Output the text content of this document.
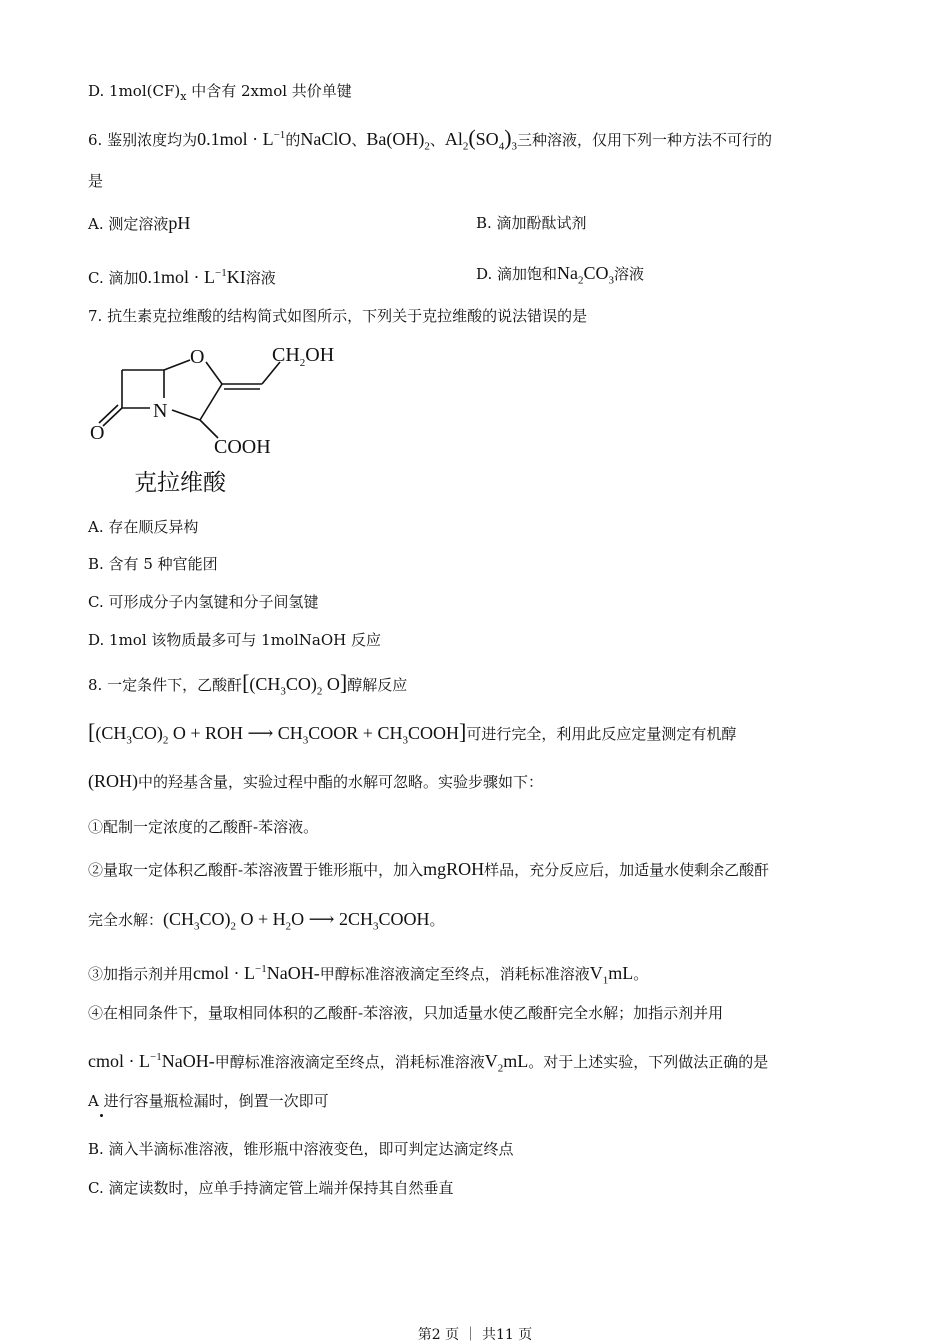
D. $1mol(CF)_x$ 中含有 2xmol 共价单键
6. 鉴别浓度均为$0.1mol \cdot L^{-1}$的NaClO、$Ba(OH)_2$、$Al_2(SO_4)_3$三种溶液，仅用下列一种方法不可行的
是
A. 测定溶液pH	B. 滴加酚酞试剂
C. 滴加$0.1mol \cdot L^{-1}KI$溶液	D. 滴加饱和$Na_2CO_3$溶液
7. 抗生素克拉维酸的结构简式如图所示，下列关于克拉维酸的说法错误的是
O
N
O
$CH_2OH$
COOH
克拉维酸
A. 存在顺反异构
B. 含有 5 种官能团
C. 可形成分子内氢键和分子间氢键
D. 1mol 该物质最多可与 1molNaOH 反应
8. 一定条件下，乙酸酐[$(CH_3CO)_2$ O]醇解反应
[$(CH_3CO)_2$ O + ROH ⟶ $CH_3COOR$ + $CH_3COOH$]可进行完全，利用此反应定量测定有机醇
(ROH)中的羟基含量，实验过程中酯的水解可忽略。实验步骤如下：
①配制一定浓度的乙酸酐-苯溶液。
②量取一定体积乙酸酐-苯溶液置于锥形瓶中，加入mgROH样品，充分反应后，加适量水使剩余乙酸酐
完全水解：$(CH_3CO)_2$ $O + H_2O$ ⟶ $2CH_3COOH$。
③加指示剂并用cmol · $L^{-1}NaOH-$甲醇标准溶液滴定至终点，消耗标准溶液$V_1mL$。
④在相同条件下，量取相同体积的乙酸酐-苯溶液，只加适量水使乙酸酐完全水解；加指示剂并用
cmol · $L^{-1}NaOH-$甲醇标准溶液滴定至终点，消耗标准溶液$V_2mL$。对于上述实验，下列做法正确的是
A 进行容量瓶检漏时，倒置一次即可
B. 滴入半滴标准溶液，锥形瓶中溶液变色，即可判定达滴定终点
C. 滴定读数时，应单手持滴定管上端并保持其自然垂直
第2 页 ｜ 共11 页
